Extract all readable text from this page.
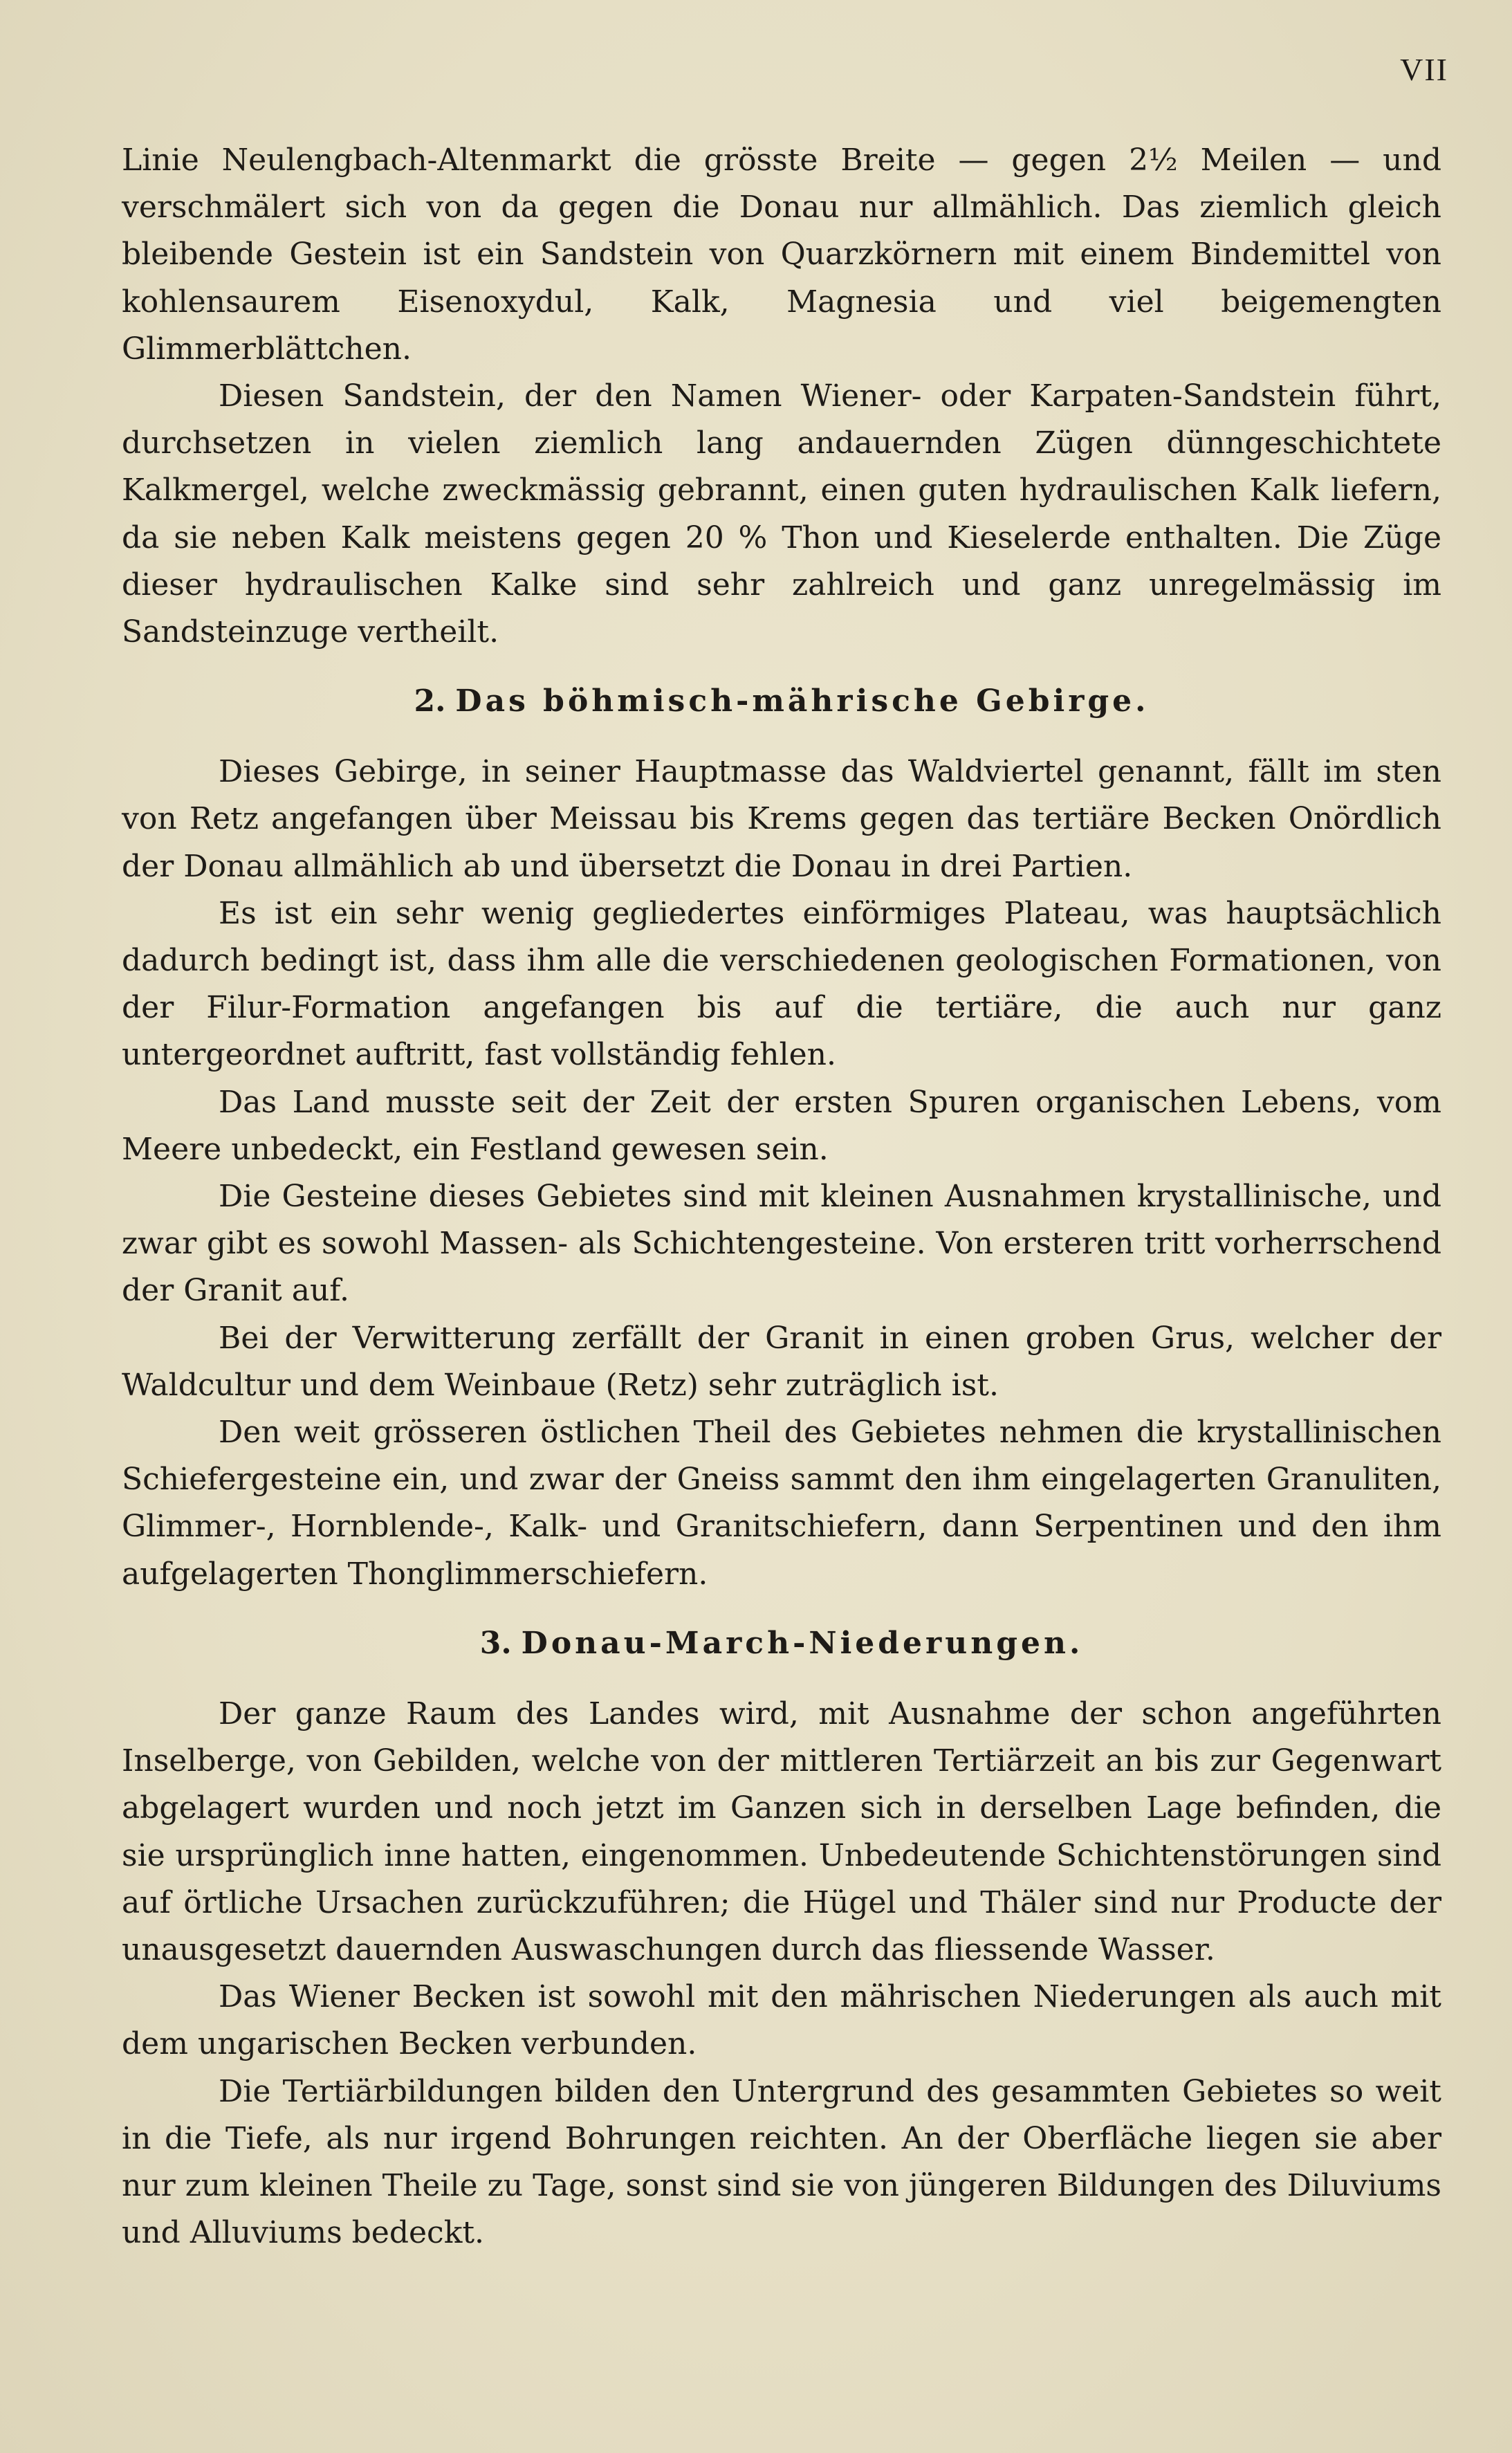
VII

Linie Neulengbach-Altenmarkt die grösste Breite — gegen 2½ Meilen — und verschmälert sich von da gegen die Donau nur allmählich. Das ziemlich gleich bleibende Gestein ist ein Sandstein von Quarzkörnern mit einem Bindemittel von kohlensaurem Eisenoxydul, Kalk, Magnesia und viel beigemengten Glimmerblättchen.

Diesen Sandstein, der den Namen Wiener- oder Karpaten-Sandstein führt, durchsetzen in vielen ziemlich lang andauernden Zügen dünngeschichtete Kalkmergel, welche zweckmässig gebrannt, einen guten hydraulischen Kalk liefern, da sie neben Kalk meistens gegen 20 % Thon und Kieselerde enthalten. Die Züge dieser hydraulischen Kalke sind sehr zahlreich und ganz unregelmässig im Sandsteinzuge vertheilt.

2. Das böhmisch-mährische Gebirge.

Dieses Gebirge, in seiner Hauptmasse das Waldviertel genannt, fällt im sten von Retz angefangen über Meissau bis Krems gegen das tertiäre Becken Onördlich der Donau allmählich ab und übersetzt die Donau in drei Partien.

Es ist ein sehr wenig gegliedertes einförmiges Plateau, was hauptsächlich dadurch bedingt ist, dass ihm alle die verschiedenen geologischen Formationen, von der Filur-Formation angefangen bis auf die tertiäre, die auch nur ganz untergeordnet auftritt, fast vollständig fehlen.

Das Land musste seit der Zeit der ersten Spuren organischen Lebens, vom Meere unbedeckt, ein Festland gewesen sein.

Die Gesteine dieses Gebietes sind mit kleinen Ausnahmen krystallinische, und zwar gibt es sowohl Massen- als Schichtengesteine. Von ersteren tritt vorherrschend der Granit auf.

Bei der Verwitterung zerfällt der Granit in einen groben Grus, welcher der Waldcultur und dem Weinbaue (Retz) sehr zuträglich ist.

Den weit grösseren östlichen Theil des Gebietes nehmen die krystallinischen Schiefergesteine ein, und zwar der Gneiss sammt den ihm eingelagerten Granuliten, Glimmer-, Hornblende-, Kalk- und Granitschiefern, dann Serpentinen und den ihm aufgelagerten Thonglimmerschiefern.

3. Donau-March-Niederungen.

Der ganze Raum des Landes wird, mit Ausnahme der schon angeführten Inselberge, von Gebilden, welche von der mittleren Tertiärzeit an bis zur Gegenwart abgelagert wurden und noch jetzt im Ganzen sich in derselben Lage befinden, die sie ursprünglich inne hatten, eingenommen. Unbedeutende Schichtenstörungen sind auf örtliche Ursachen zurückzuführen; die Hügel und Thäler sind nur Producte der unausgesetzt dauernden Auswaschungen durch das fliessende Wasser.

Das Wiener Becken ist sowohl mit den mährischen Niederungen als auch mit dem ungarischen Becken verbunden.

Die Tertiärbildungen bilden den Untergrund des gesammten Gebietes so weit in die Tiefe, als nur irgend Bohrungen reichten. An der Oberfläche liegen sie aber nur zum kleinen Theile zu Tage, sonst sind sie von jüngeren Bildungen des Diluviums und Alluviums bedeckt.
